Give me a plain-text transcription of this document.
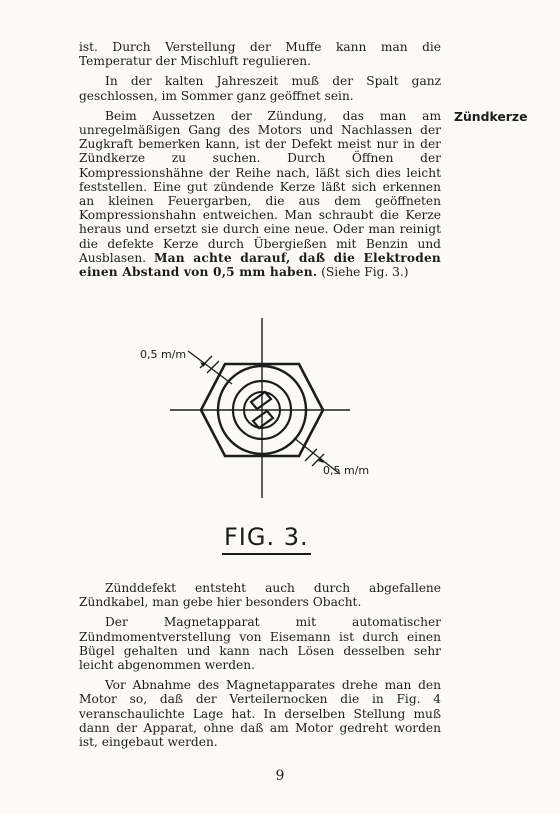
ist. Durch Verstellung der Muffe kann man die Temperatur der Mischluft regulieren.

In der kalten Jahreszeit muß der Spalt ganz geschlossen, im Sommer ganz geöffnet sein.

Beim Aussetzen der Zündung, das man am unregelmäßigen Gang des Motors und Nachlassen der Zugkraft bemerken kann, ist der Defekt meist nur in der Zündkerze zu suchen. Durch Öffnen der Kompressionshähne der Reihe nach, läßt sich dies leicht feststellen. Eine gut zündende Kerze läßt sich erkennen an kleinen Feuergarben, die aus dem geöffneten Kompressionshahn entweichen. Man schraubt die Kerze heraus und ersetzt sie durch eine neue. Oder man reinigt die defekte Kerze durch Übergießen mit Benzin und Ausblasen. Man achte darauf, daß die Elektroden einen Abstand von 0,5 mm haben. (Siehe Fig. 3.)

Zündkerze
0,5 m/m
0,5 m/m
FIG. 3.

Zünddefekt entsteht auch durch abgefallene Zündkabel, man gebe hier besonders Obacht.

Der Magnetapparat mit automatischer Zündmomentverstellung von Eisemann ist durch einen Bügel gehalten und kann nach Lösen desselben sehr leicht abgenommen werden.

Vor Abnahme des Magnetapparates drehe man den Motor so, daß der Verteilernocken die in Fig. 4 veranschaulichte Lage hat. In derselben Stellung muß dann der Apparat, ohne daß am Motor gedreht worden ist, eingebaut werden.

9
